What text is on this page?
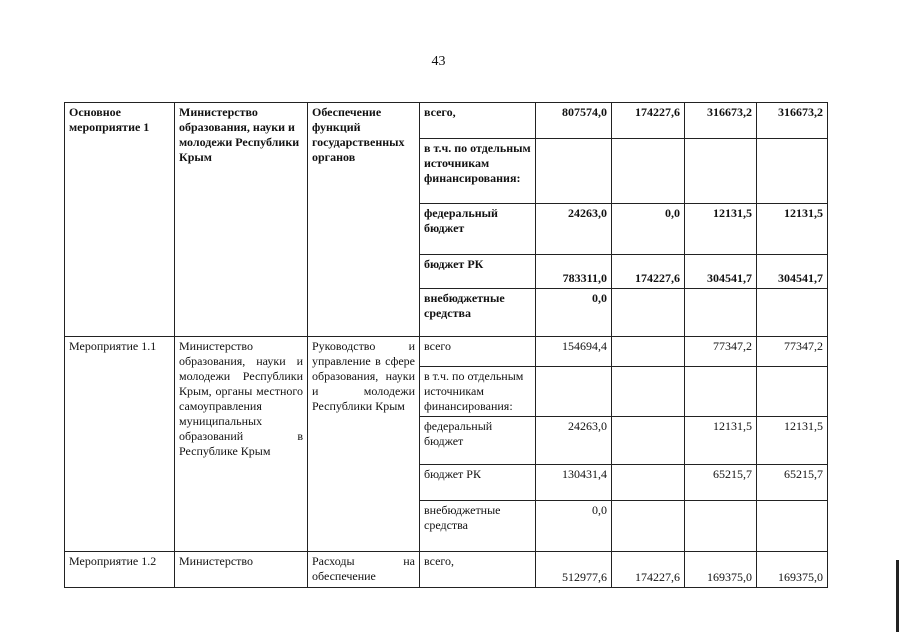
43
Основное мероприятие 1	Министерство образования, науки и молодежи Республики Крым	Обеспечение функций государственных органов	всего,	807574,0	174227,6	316673,2	316673,2
			в т.ч. по отдельным источникам финансирования:				
			федеральный бюджет	24263,0	0,0	12131,5	12131,5
			бюджет РК	783311,0	174227,6	304541,7	304541,7
			внебюджетные средства	0,0			
Мероприятие 1.1	Министерство образования, науки и молодежи Республики Крым, органы местного самоуправления муниципальных образований в Республике Крым	Руководство и управление в сфере образования, науки и молодежи Республики Крым	всего	154694,4		77347,2	77347,2
			в т.ч. по отдельным источникам финансирования:				
			федеральный бюджет	24263,0		12131,5	12131,5
			бюджет РК	130431,4		65215,7	65215,7
			внебюджетные средства	0,0			
Мероприятие 1.2	Министерство	Расходы на обеспечение	всего,	512977,6	174227,6	169375,0	169375,0
